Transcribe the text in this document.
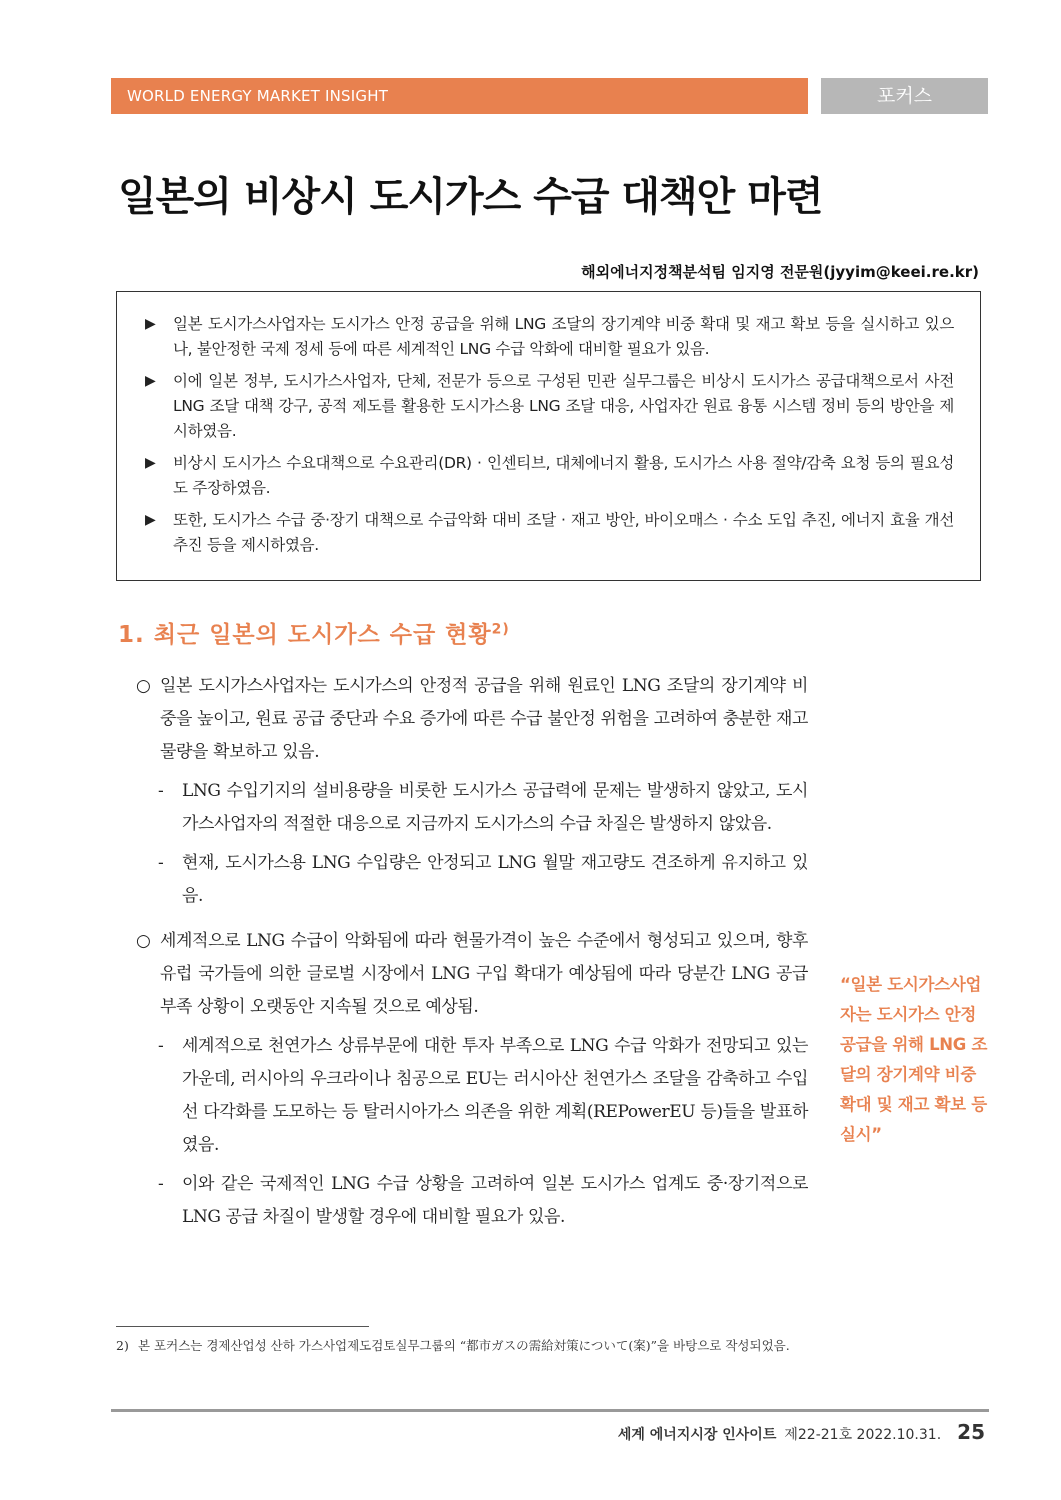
WORLD ENERGY MARKET INSIGHT	포커스
일본의 비상시 도시가스 수급 대책안 마련
해외에너지정책분석팀 임지영 전문원(jyyim@keei.re.kr)
▶	일본 도시가스사업자는 도시가스 안정 공급을 위해 LNG 조달의 장기계약 비중 확대 및 재고 확보 등을 실시하고 있으나, 불안정한 국제 정세 등에 따른 세계적인 LNG 수급 악화에 대비할 필요가 있음.
▶	이에 일본 정부, 도시가스사업자, 단체, 전문가 등으로 구성된 민관 실무그룹은 비상시 도시가스 공급대책으로서 사전 LNG 조달 대책 강구, 공적 제도를 활용한 도시가스용 LNG 조달 대응, 사업자간 원료 융통 시스템 정비 등의 방안을 제시하였음.
▶	비상시 도시가스 수요대책으로 수요관리(DR) · 인센티브, 대체에너지 활용, 도시가스 사용 절약/감축 요청 등의 필요성도 주장하였음.
▶	또한, 도시가스 수급 중·장기 대책으로 수급악화 대비 조달 · 재고 방안, 바이오매스 · 수소 도입 추진, 에너지 효율 개선 추진 등을 제시하였음.
1. 최근 일본의 도시가스 수급 현황$^{2)}$
○ 일본 도시가스사업자는 도시가스의 안정적 공급을 위해 원료인 LNG 조달의 장기계약 비중을 높이고, 원료 공급 중단과 수요 증가에 따른 수급 불안정 위험을 고려하여 충분한 재고물량을 확보하고 있음.
-	LNG 수입기지의 설비용량을 비롯한 도시가스 공급력에 문제는 발생하지 않았고, 도시가스사업자의 적절한 대응으로 지금까지 도시가스의 수급 차질은 발생하지 않았음.
-	현재, 도시가스용 LNG 수입량은 안정되고 LNG 월말 재고량도 견조하게 유지하고 있음.
○ 세계적으로 LNG 수급이 악화됨에 따라 현물가격이 높은 수준에서 형성되고 있으며, 향후 유럽 국가들에 의한 글로벌 시장에서 LNG 구입 확대가 예상됨에 따라 당분간 LNG 공급 부족 상황이 오랫동안 지속될 것으로 예상됨.
-	세계적으로 천연가스 상류부문에 대한 투자 부족으로 LNG 수급 악화가 전망되고 있는 가운데, 러시아의 우크라이나 침공으로 EU는 러시아산 천연가스 조달을 감축하고 수입선 다각화를 도모하는 등 탈러시아가스 의존을 위한 계획(REPowerEU 등)들을 발표하였음.
-	이와 같은 국제적인 LNG 수급 상황을 고려하여 일본 도시가스 업계도 중·장기적으로 LNG 공급 차질이 발생할 경우에 대비할 필요가 있음.
“일본 도시가스사업자는 도시가스 안정 공급을 위해 LNG 조달의 장기계약 비중 확대 및 재고 확보 등 실시”
2) 본 포커스는 경제산업성 산하 가스사업제도검토실무그룹의 “都市ガスの需給対策について(案)”을 바탕으로 작성되었음.
세계 에너지시장 인사이트 제22-21호 2022.10.31. 25
